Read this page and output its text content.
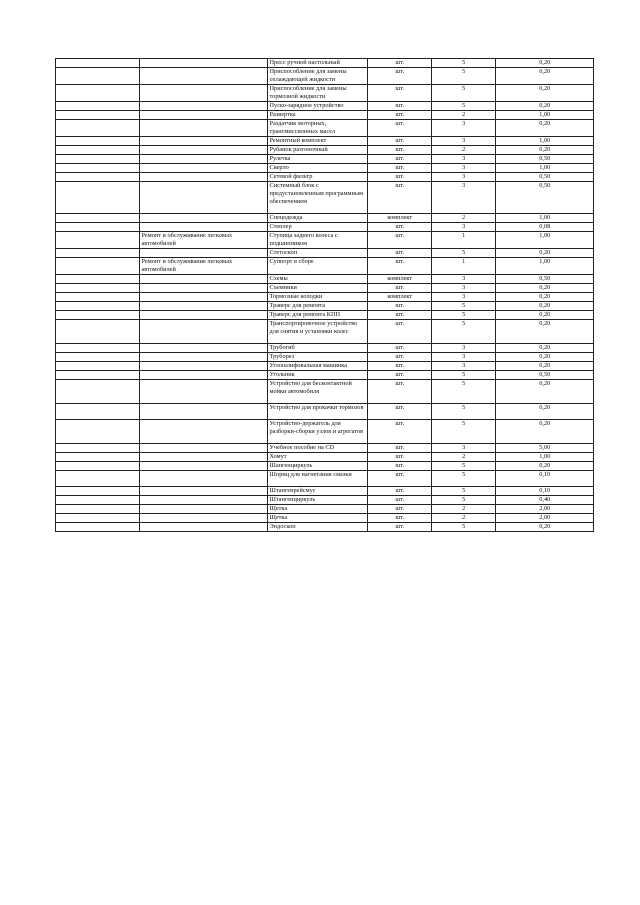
		Пресс ручной настольный	шт.	5	0,20
		Приспособление для замены охлаждающей жидкости	шт.	5	0,20
		Приспособление для замены тормозной жидкости	шт.	5	0,20
		Пуско-зарядное устройство	шт.	5	0,20
		Развертка	шт.	2	1,00
		Раздатчик моторных, трансмиссионных масел	шт.	3	0,20
		Ремонтный комплект	шт.	3	1,00
		Рубанок разгоночный	шт.	2	0,20
		Рулетка	шт.	3	0,50
		Сверло	шт.	3	1,00
		Сетевой фильтр	шт.	3	0,50
		Системный блок с предустановленным программным обеспечением	шт.	3	0,50
		Спецодежда	комплект	2	1,00
		Степлер	шт.	3	0,08
	Ремонт и обслуживание легковых автомобилей	Ступица заднего колеса с подшипником	шт.	1	1,00
		Стетоскоп	шт.	5	0,20
	Ремонт и обслуживание легковых автомобилей	Суппорт в сборе	шт.	1	1,00
		Схемы	комплект	3	0,50
		Съемники	шт.	3	0,20
		Тормозные колодки	комплект	3	0,20
		Траверс для ремонта	шт.	5	0,20
		Траверс для ремонта КПП	шт.	5	0,20
		Транспортировочное устройство для снятия и установки колес	шт.	5	0,20
		Трубогиб	шт.	3	0,20
		Труборез	шт.	3	0,20
		Углошлифовальная машинка	шт.	3	0,20
		Угольник	шт.	5	0,50
		Устройство для бесконтактной мойки автомобиля	шт.	5	0,20
		Устройство для прокачки тормозов	шт.	5	0,20
		Устройство-держатель для разборки-сборки узлов и агрегатов	шт.	5	0,20
		Учебное пособие на CD	шт.	3	5,00
		Хомут	шт.	2	1,00
		Шангенциркуль	шт.	5	0,20
		Шприц для нагнетания смазки	шт.	5	0,10
		Штангенрейсмус	шт.	5	0,10
		Штангенциркуль	шт.	5	0,40
		Щетка	шт.	2	2,00
		Щетка	шт.	2	2,00
		Эндоскоп	шт.	5	0,20
